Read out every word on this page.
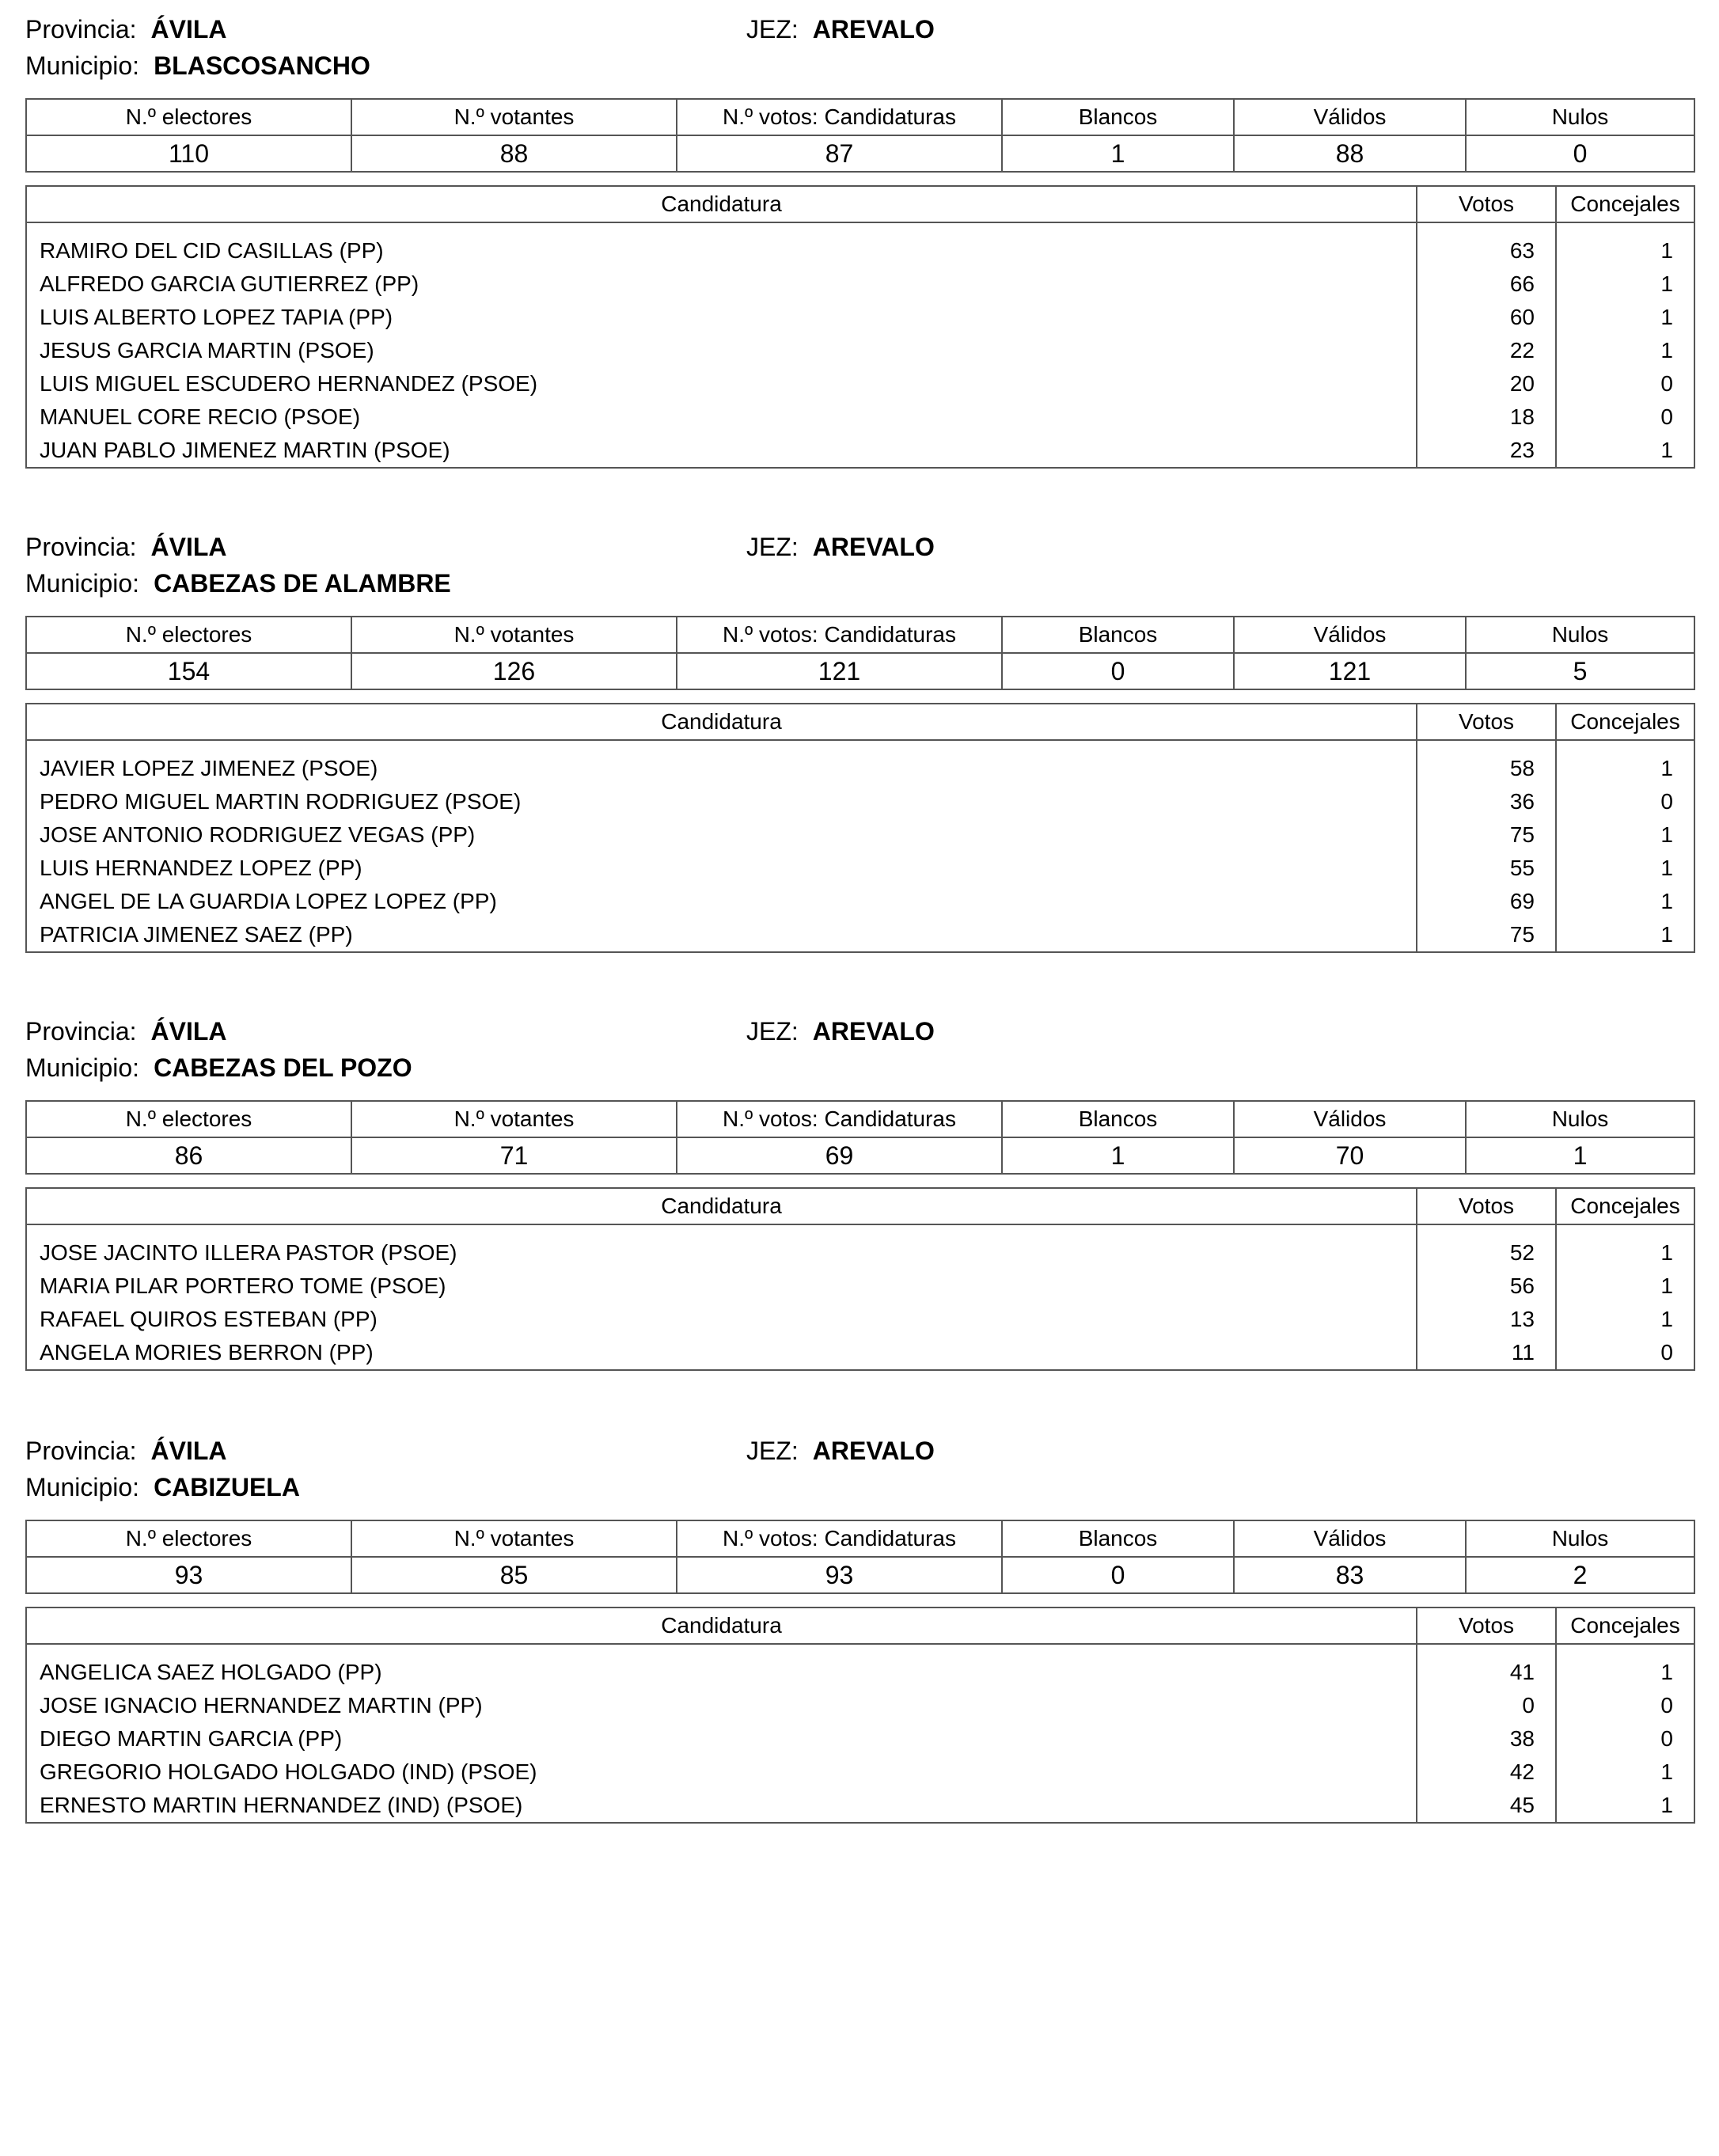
Provincia: ÁVILA	JEZ: AREVALO
Municipio: BLASCOSANCHO
N.º electores	N.º votantes	N.º votos: Candidaturas	Blancos	Válidos	Nulos
110	88	87	1	88	0
Candidatura	Votos	Concejales

RAMIRO DEL CID CASILLAS (PP)	63	1
ALFREDO GARCIA GUTIERREZ (PP)	66	1
LUIS ALBERTO LOPEZ TAPIA (PP)	60	1
JESUS GARCIA MARTIN (PSOE)	22	1
LUIS MIGUEL ESCUDERO HERNANDEZ (PSOE)	20	0
MANUEL CORE RECIO (PSOE)	18	0
JUAN PABLO JIMENEZ MARTIN (PSOE)	23	1
Provincia: ÁVILA	JEZ: AREVALO
Municipio: CABEZAS DE ALAMBRE
N.º electores	N.º votantes	N.º votos: Candidaturas	Blancos	Válidos	Nulos
154	126	121	0	121	5
Candidatura	Votos	Concejales

JAVIER LOPEZ JIMENEZ (PSOE)	58	1
PEDRO MIGUEL MARTIN RODRIGUEZ (PSOE)	36	0
JOSE ANTONIO RODRIGUEZ VEGAS (PP)	75	1
LUIS HERNANDEZ LOPEZ (PP)	55	1
ANGEL DE LA GUARDIA LOPEZ LOPEZ (PP)	69	1
PATRICIA JIMENEZ SAEZ (PP)	75	1
Provincia: ÁVILA	JEZ: AREVALO
Municipio: CABEZAS DEL POZO
N.º electores	N.º votantes	N.º votos: Candidaturas	Blancos	Válidos	Nulos
86	71	69	1	70	1
Candidatura	Votos	Concejales

JOSE JACINTO ILLERA PASTOR (PSOE)	52	1
MARIA PILAR PORTERO TOME (PSOE)	56	1
RAFAEL QUIROS ESTEBAN (PP)	13	1
ANGELA MORIES BERRON (PP)	11	0
Provincia: ÁVILA	JEZ: AREVALO
Municipio: CABIZUELA
N.º electores	N.º votantes	N.º votos: Candidaturas	Blancos	Válidos	Nulos
93	85	93	0	83	2
Candidatura	Votos	Concejales

ANGELICA SAEZ HOLGADO (PP)	41	1
JOSE IGNACIO HERNANDEZ MARTIN (PP)	0	0
DIEGO MARTIN GARCIA (PP)	38	0
GREGORIO HOLGADO HOLGADO (IND) (PSOE)	42	1
ERNESTO MARTIN HERNANDEZ (IND) (PSOE)	45	1
